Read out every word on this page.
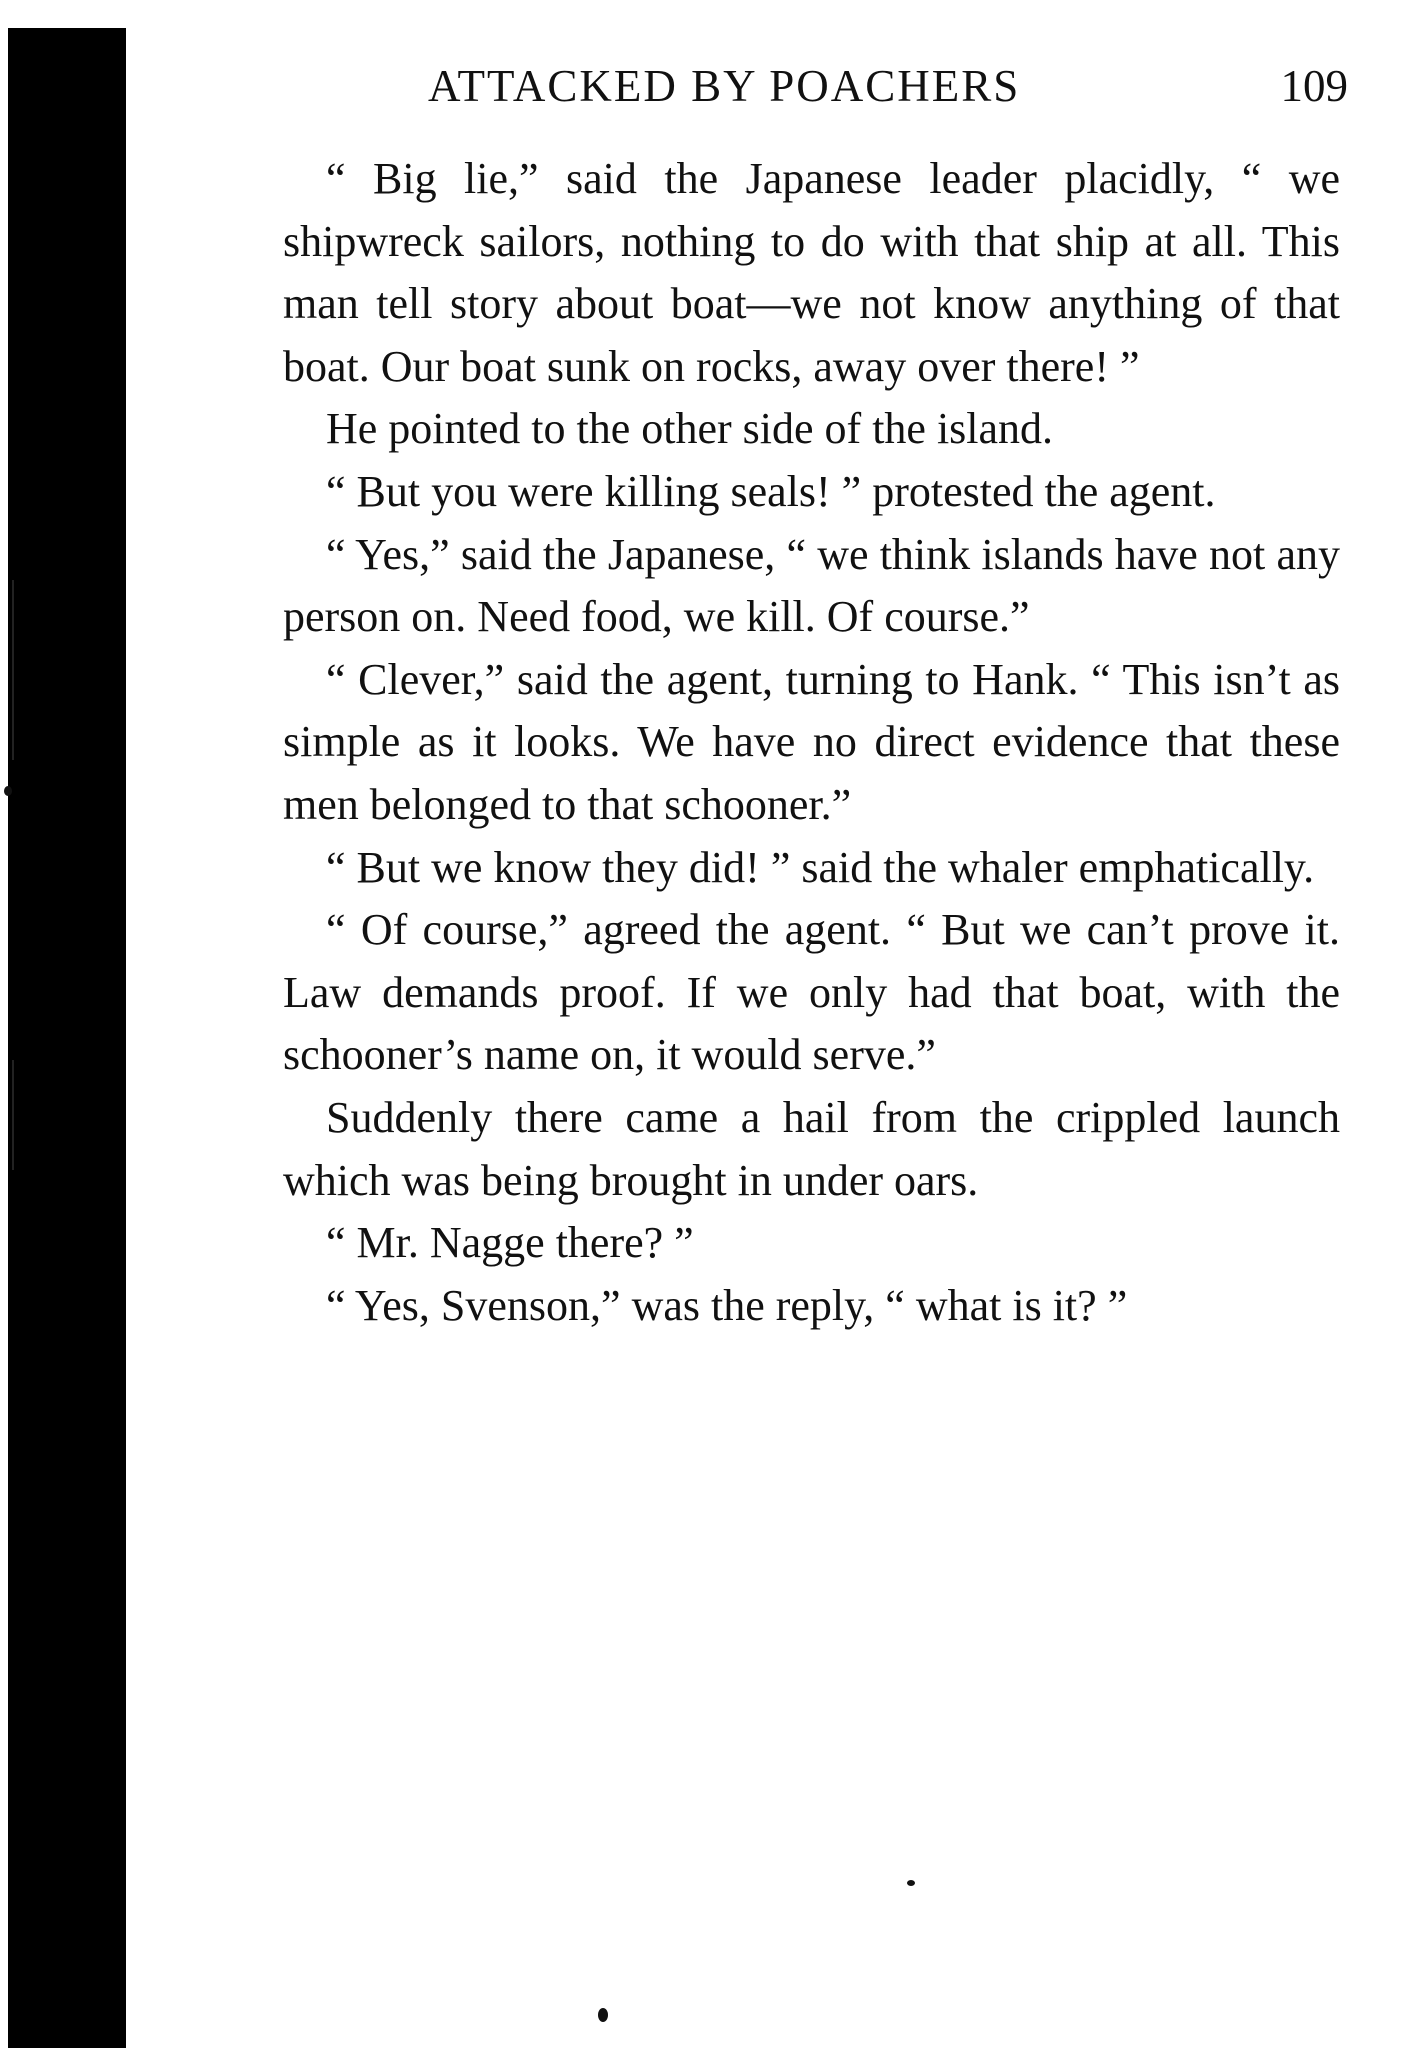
ATTACKED BY POACHERS	109

“ Big lie,” said the Japanese leader placidly, “ we shipwreck sailors, nothing to do with that ship at all. This man tell story about boat—we not know anything of that boat. Our boat sunk on rocks, away over there! ”

He pointed to the other side of the island.

“ But you were killing seals! ” protested the agent.

“ Yes,” said the Japanese, “ we think islands have not any person on. Need food, we kill. Of course.”

“ Clever,” said the agent, turning to Hank. “ This isn’t as simple as it looks. We have no direct evidence that these men belonged to that schooner.”

“ But we know they did! ” said the whaler emphatically.

“ Of course,” agreed the agent. “ But we can’t prove it. Law demands proof. If we only had that boat, with the schooner’s name on, it would serve.”

Suddenly there came a hail from the crippled launch which was being brought in under oars.

“ Mr. Nagge there? ”

“ Yes, Svenson,” was the reply, “ what is it? ”
